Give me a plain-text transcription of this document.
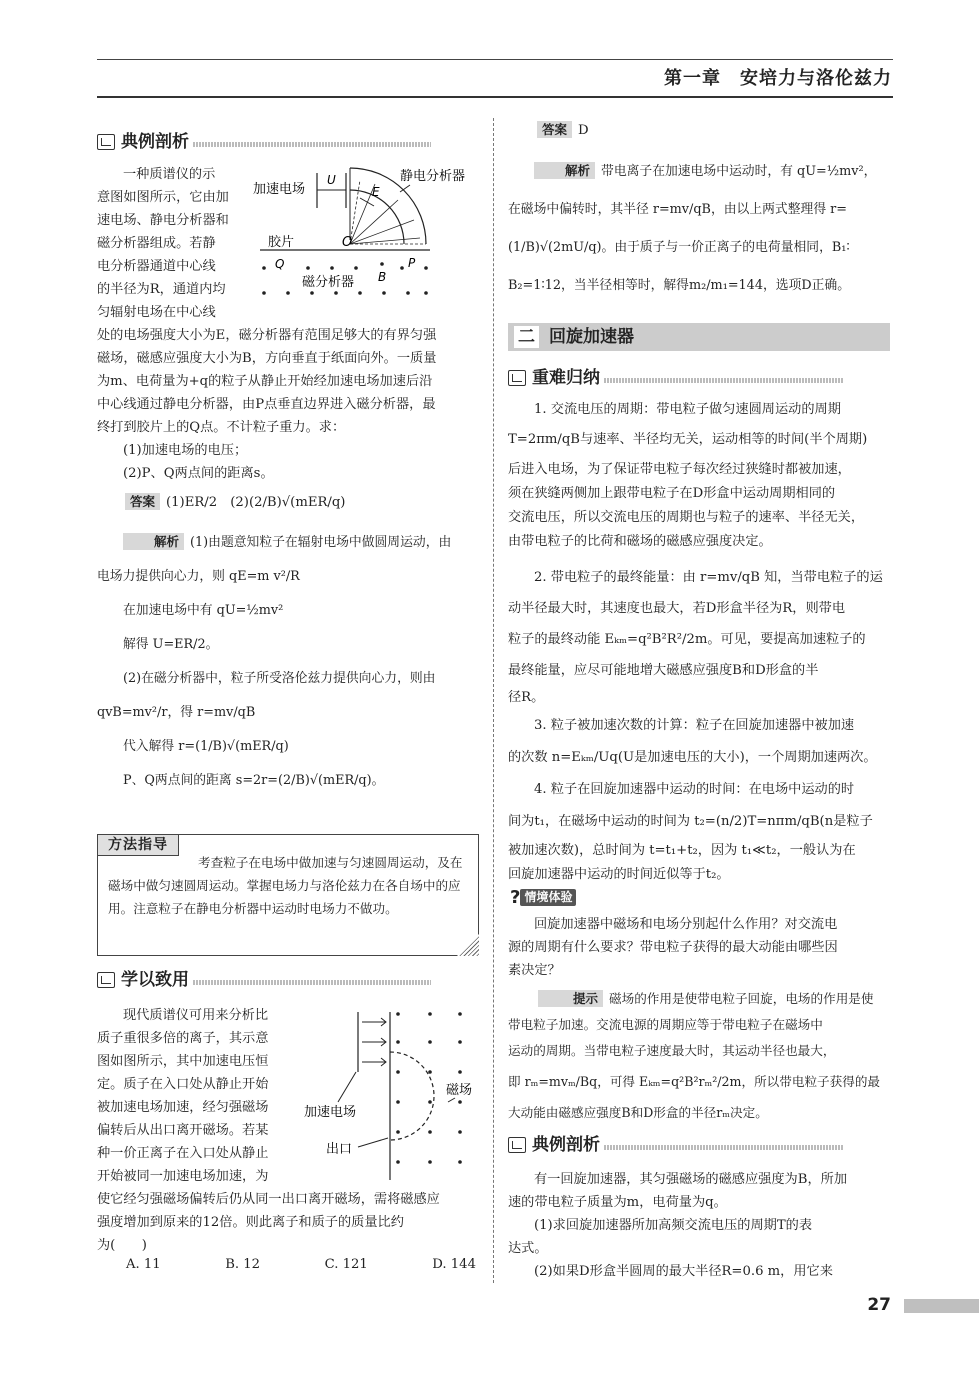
第一章　安培力与洛伦兹力
典例剖析

一种质谱仪的示

意图如图所示，它由加

速电场、静电分析器和

磁分析器组成。若静

电分析器通道中心线

的半径为R，通道内均

匀辐射电场在中心线

加速电场
U
E
静电分析器
胶片	O
Q	P
B
磁分析器

处的电场强度大小为E，磁分析器有范围足够大的有界匀强

磁场，磁感应强度大小为B，方向垂直于纸面向外。一质量

为m、电荷量为+q的粒子从静止开始经加速电场加速后沿

中心线通过静电分析器，由P点垂直边界进入磁分析器，最

终打到胶片上的Q点。不计粒子重力。求：

(1)加速电场的电压；

(2)P、Q两点间的距离s。

答案 (1)ER/2　(2)(2/B)√(mER/q)

解析 (1)由题意知粒子在辐射电场中做圆周运动，由

电场力提供向心力，则 qE=m v²/R

在加速电场中有 qU=½mv²

解得 U=ER/2。

(2)在磁分析器中，粒子所受洛伦兹力提供向心力，则由

qvB=mv²/r，得 r=mv/qB

代入解得 r=(1/B)√(mER/q)

P、Q两点间的距离 s=2r=(2/B)√(mER/q)。

方法指导
考查粒子在电场中做加速与匀速圆周运动，及在磁场中做匀速圆周运动。掌握电场力与洛伦兹力在各自场中的应用。注意粒子在静电分析器中运动时电场力不做功。
学以致用

现代质谱仪可用来分析比

质子重很多倍的离子，其示意

图如图所示，其中加速电压恒

定。质子在入口处从静止开始

被加速电场加速，经匀强磁场

偏转后从出口离开磁场。若某

种一价正离子在入口处从静止

开始被同一加速电场加速，为

磁场
加速电场
出口

使它经匀强磁场偏转后仍从同一出口离开磁场，需将磁感应

强度增加到原来的12倍。则此离子和质子的质量比约

为(　　)

A. 11	B. 12	C. 121	D. 144
答案 D

解析 带电离子在加速电场中运动时，有 qU=½mv²，

在磁场中偏转时，其半径 r=mv/qB，由以上两式整理得 r=

(1/B)√(2mU/q)。由于质子与一价正离子的电荷量相同，B₁∶

B₂=1∶12，当半径相等时，解得m₂/m₁=144，选项D正确。

二 回旋加速器
重难归纳

1. 交流电压的周期：带电粒子做匀速圆周运动的周期

T=2πm/qB与速率、半径均无关，运动相等的时间(半个周期)

后进入电场，为了保证带电粒子每次经过狭缝时都被加速，

须在狭缝两侧加上跟带电粒子在D形盒中运动周期相同的

交流电压，所以交流电压的周期也与粒子的速率、半径无关，

由带电粒子的比荷和磁场的磁感应强度决定。

2. 带电粒子的最终能量：由 r=mv/qB 知，当带电粒子的运

动半径最大时，其速度也最大，若D形盒半径为R，则带电

粒子的最终动能 Eₖₘ=q²B²R²/2m。可见，要提高加速粒子的

最终能量，应尽可能地增大磁感应强度B和D形盒的半

径R。

3. 粒子被加速次数的计算：粒子在回旋加速器中被加速

的次数 n=Eₖₘ/Uq(U是加速电压的大小)，一个周期加速两次。

4. 粒子在回旋加速器中运动的时间：在电场中运动的时

间为t₁，在磁场中运动的时间为 t₂=(n/2)T=nπm/qB(n是粒子

被加速次数)，总时间为 t=t₁+t₂，因为 t₁≪t₂，一般认为在

回旋加速器中运动的时间近似等于t₂。

? 情境体验

回旋加速器中磁场和电场分别起什么作用？对交流电

源的周期有什么要求？带电粒子获得的最大动能由哪些因

素决定？

提示 磁场的作用是使带电粒子回旋，电场的作用是使

带电粒子加速。交流电源的周期应等于带电粒子在磁场中

运动的周期。当带电粒子速度最大时，其运动半径也最大，

即 rₘ=mvₘ/Bq，可得 Eₖₘ=q²B²rₘ²/2m，所以带电粒子获得的最

大动能由磁感应强度B和D形盒的半径rₘ决定。

典例剖析

有一回旋加速器，其匀强磁场的磁感应强度为B，所加

速的带电粒子质量为m，电荷量为q。

(1)求回旋加速器所加高频交流电压的周期T的表

达式。

(2)如果D形盒半圆周的最大半径R=0.6 m，用它来

27
